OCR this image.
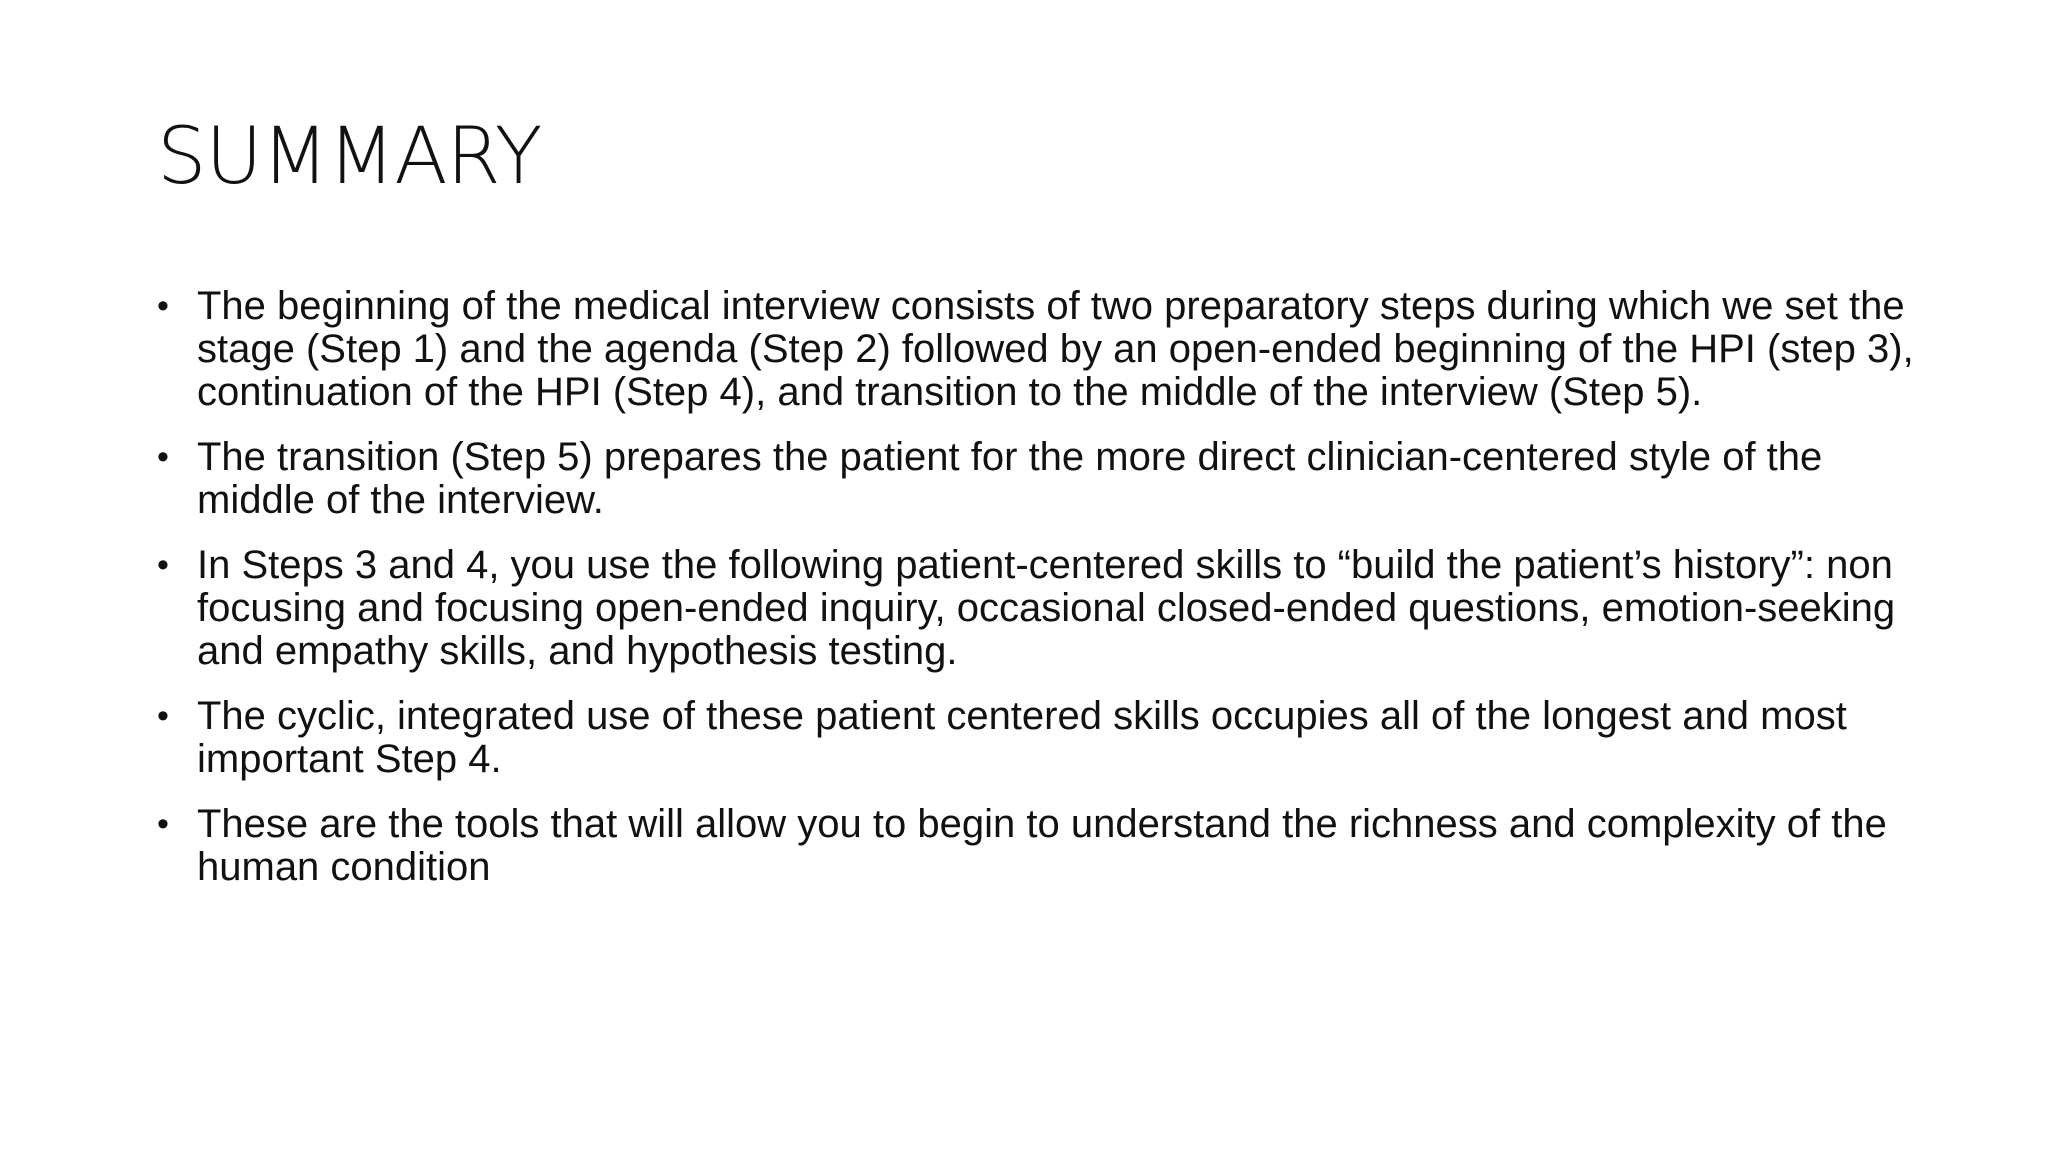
SUMMARY
• The beginning of the medical interview consists of two preparatory steps during which we set the stage (Step 1) and the agenda (Step 2) followed by an open-ended beginning of the HPI (step 3), continuation of the HPI (Step 4), and transition to the middle of the interview (Step 5).
• The transition (Step 5) prepares the patient for the more direct clinician-centered style of the middle of the interview.
• In Steps 3 and 4, you use the following patient-centered skills to “build the patient’s history”: non focusing and focusing open-ended inquiry, occasional closed-ended questions, emotion-seeking and empathy skills, and hypothesis testing.
• The cyclic, integrated use of these patient centered skills occupies all of the longest and most important Step 4.
• These are the tools that will allow you to begin to understand the richness and complexity of the human condition
